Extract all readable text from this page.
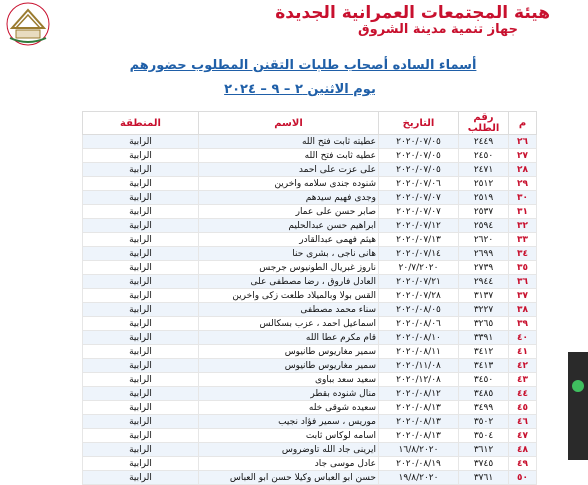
هيئة المجتمعات العمرانية الجديدة

جهاز تنمية مدينة الشروق

أسماء الساده أصحاب طلبات التقنن المطلوب حضورهم

يوم الاثنين ٢ – ٩ – ٢٠٢٤

م	رقم الطلب	التاريخ	الاسم	المنطقة
٢٦	٢٤٤٩	٢٠٢٠/٠٧/٠٥	عطيته ثابت فتح الله	الرابية
٢٧	٢٤٥٠	٢٠٢٠/٠٧/٠٥	عطيه ثابت فتح الله	الرابية
٢٨	٢٤٧١	٢٠٢٠/٠٧/٠٥	على عزت على احمد	الرابية
٢٩	٢٥١٢	٢٠٢٠/٠٧/٠٦	شنوده جندى سلامه واخرين	الرابية
٣٠	٢٥١٩	٢٠٢٠/٠٧/٠٧	وجدى فهيم سيدهم	الرابية
٣١	٢٥٣٧	٢٠٢٠/٠٧/٠٧	صابر حسن على عمار	الرابية
٣٢	٢٥٩٤	٢٠٢٠/٠٧/١٢	ابراهيم حسن عبدالحليم	الرابية
٣٣	٢٦٢٠	٢٠٢٠/٠٧/١٣	هيثم فهمى عبدالقادر	الرابية
٣٤	٢٦٩٩	٢٠٢٠/٠٧/١٤	هانى ناجى ، بشرى حنا	الرابية
٣٥	٢٧٣٩	٢٠/٧/٢٠٢٠	ناروز غبريال الطونيوس جرجس	الرابية
٣٦	٢٩٤٤	٢٠٢٠/٠٧/٢١	العادل فاروق ، رضا مصطفى على	الرابية
٣٧	٣١٣٧	٢٠٢٠/٠٧/٢٨	القس بولا وبالميلاد طلعت زكى واخرين	الرابية
٣٨	٣٢٢٧	٢٠٢٠/٠٨/٠٥	سناء محمد مصطفى	الرابية
٣٩	٣٢٦٥	٢٠٢٠/٠٨/٠٦	اسماعيل احمد ، عزب بسكالس	الرابية
٤٠	٣٣٩١	٢٠٢٠/٠٨/١٠	قام مكرم عطا الله	الرابية
٤١	٣٤١٢	٢٠٢٠/٠٨/١١	سمير مغاريوس طانيوس	الرابية
٤٢	٣٤١٣	٢٠٢٠/١١/٠٨	سمير مغاريوس طانيوس	الرابية
٤٣	٣٤٥٠	٢٠٢٠/١٢/٠٨	سعيد سعد بباوى	الرابية
٤٤	٣٤٨٥	٢٠٢٠/٠٨/١٢	منال شنوده بقطر	الرابية
٤٥	٣٤٩٩	٢٠٢٠/٠٨/١٣	سعيده شوقى خله	الرابية
٤٦	٣٥٠٢	٢٠٢٠/٠٨/١٣	موريس ، سمير فؤاد نجيب	الرابية
٤٧	٣٥٠٤	٢٠٢٠/٠٨/١٣	اسامه لوكاس ثابت	الرابية
٤٨	٣٦١٢	١٦/٨/٢٠٢٠	ايرينى جاد الله تاوضروس	الرابية
٤٩	٣٧٤٥	٢٠٢٠/٠٨/١٩	عادل موسى جاد	الرابية
٥٠	٣٧٦١	١٩/٨/٢٠٢٠	حسن ابو العباس وكيلا حسن ابو العباس	الرابية
